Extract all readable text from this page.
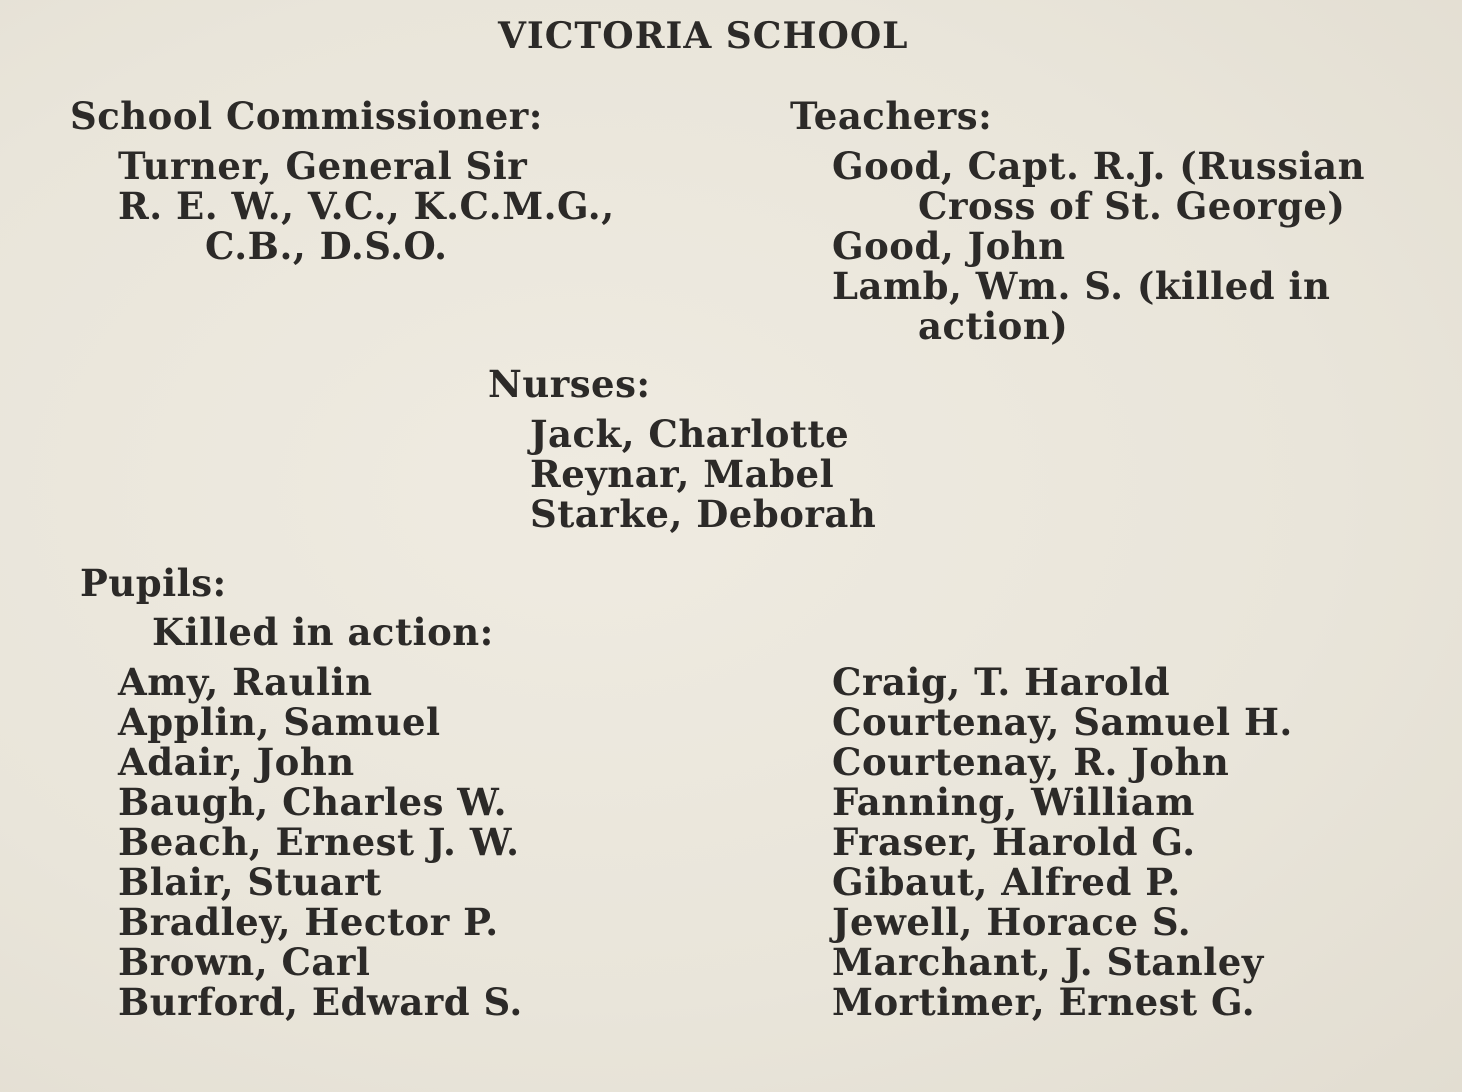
VICTORIA SCHOOL
School Commissioner:
Turner, General Sir
R. E. W., V.C., K.C.M.G.,
C.B., D.S.O.
Teachers:
Good, Capt. R.J. (Russian
Cross of St. George)
Good, John
Lamb, Wm. S. (killed in
action)
Nurses:
Jack, Charlotte
Reynar, Mabel
Starke, Deborah
Pupils:
Killed in action:
Amy, Raulin
Applin, Samuel
Adair, John
Baugh, Charles W.
Beach, Ernest J. W.
Blair, Stuart
Bradley, Hector P.
Brown, Carl
Burford, Edward S.
Craig, T. Harold
Courtenay, Samuel H.
Courtenay, R. John
Fanning, William
Fraser, Harold G.
Gibaut, Alfred P.
Jewell, Horace S.
Marchant, J. Stanley
Mortimer, Ernest G.
